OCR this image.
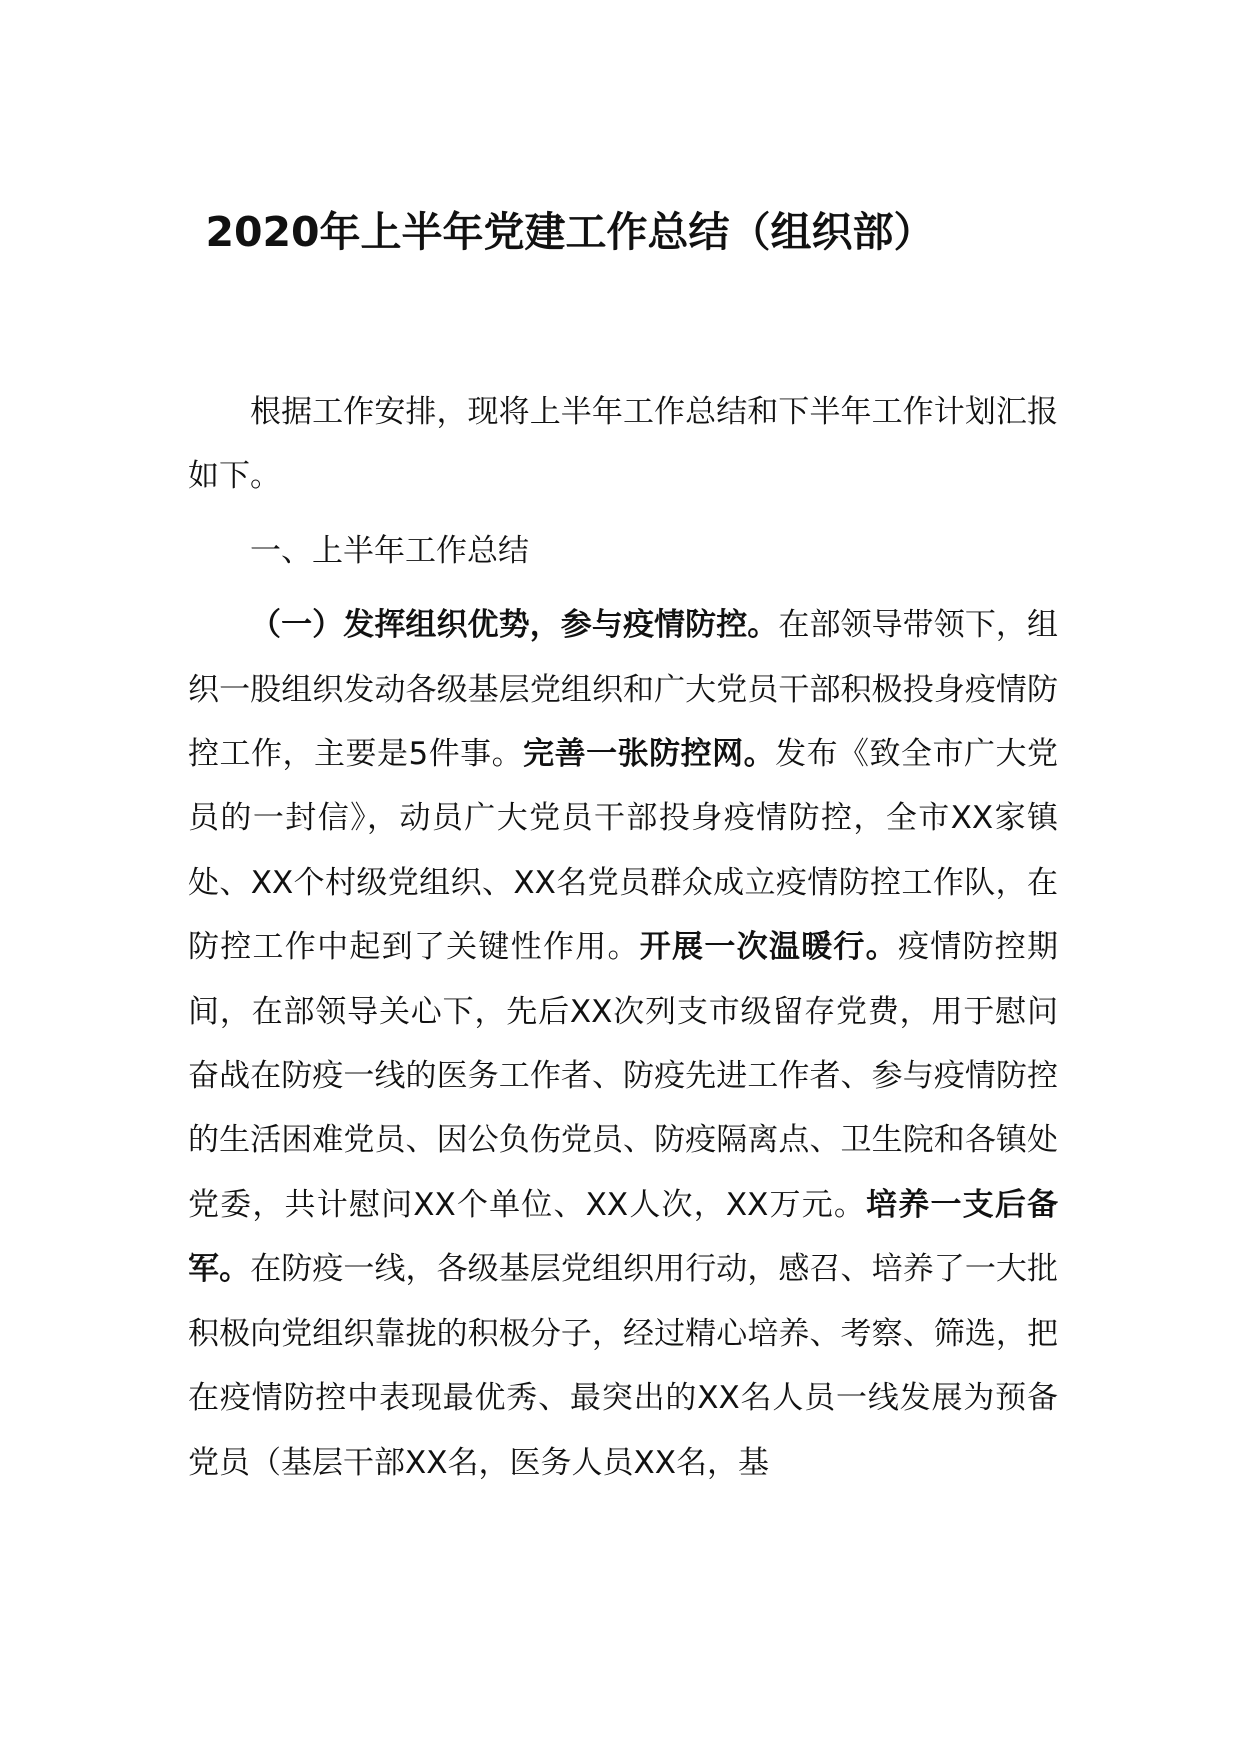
2020年上半年党建工作总结（组织部）

根据工作安排，现将上半年工作总结和下半年工作计划汇报如下。

一、上半年工作总结

（一）发挥组织优势，参与疫情防控。在部领导带领下，组织一股组织发动各级基层党组织和广大党员干部积极投身疫情防控工作，主要是5件事。完善一张防控网。发布《致全市广大党员的一封信》，动员广大党员干部投身疫情防控，全市XX家镇处、XX个村级党组织、XX名党员群众成立疫情防控工作队，在防控工作中起到了关键性作用。开展一次温暖行。疫情防控期间，在部领导关心下，先后XX次列支市级留存党费，用于慰问奋战在防疫一线的医务工作者、防疫先进工作者、参与疫情防控的生活困难党员、因公负伤党员、防疫隔离点、卫生院和各镇处党委，共计慰问XX个单位、XX人次，XX万元。培养一支后备军。在防疫一线，各级基层党组织用行动，感召、培养了一大批积极向党组织靠拢的积极分子，经过精心培养、考察、筛选，把在疫情防控中表现最优秀、最突出的XX名人员一线发展为预备党员（基层干部XX名，医务人员XX名，基
